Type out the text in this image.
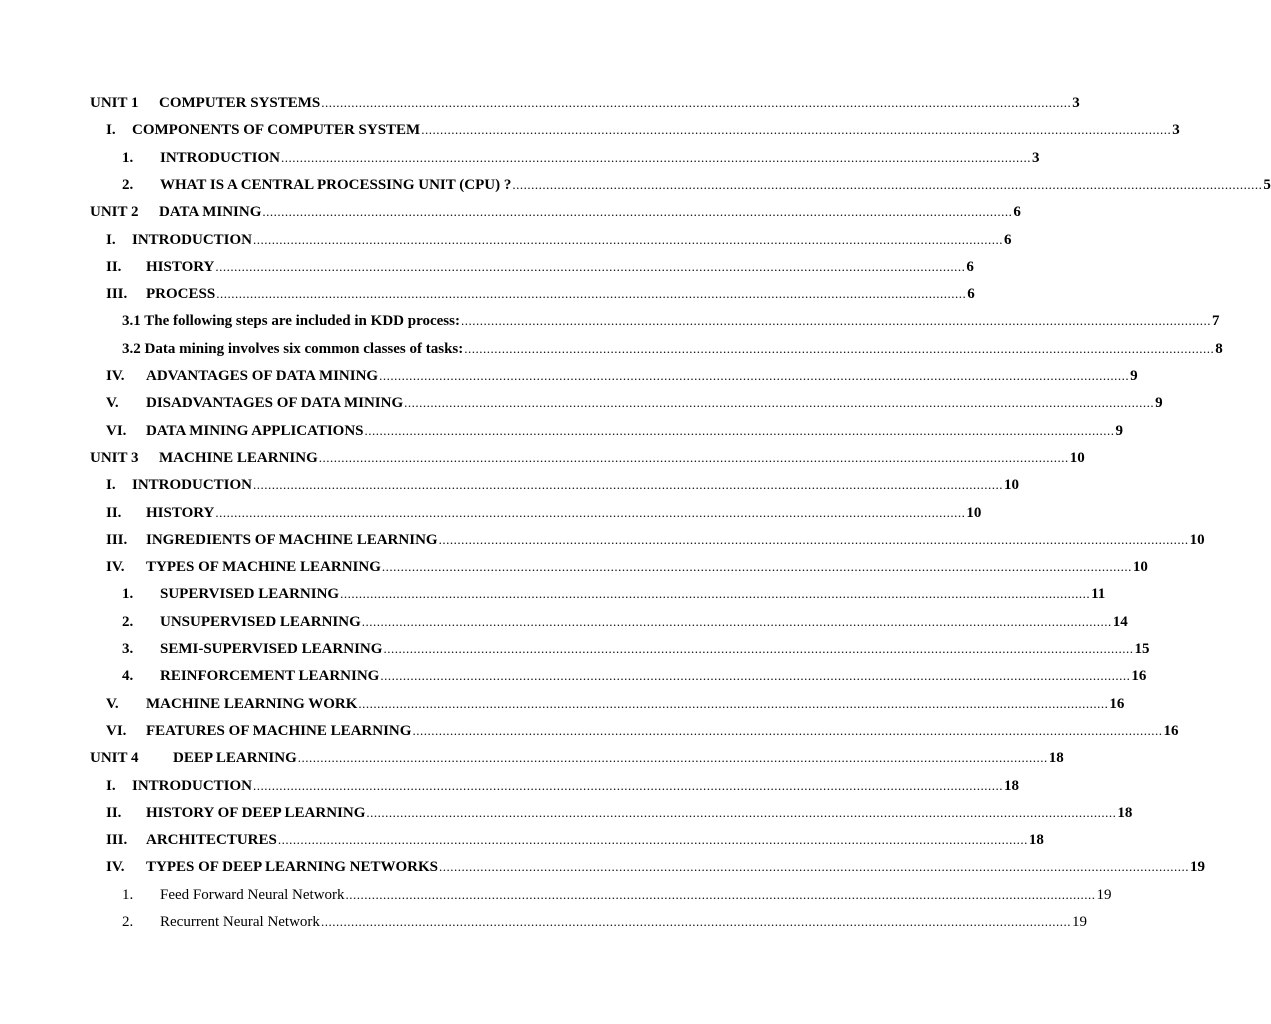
UNIT 1	COMPUTER SYSTEMS ........................................................................................................................................................................................................ 3
I.	COMPONENTS OF COMPUTER SYSTEM ........................................................................................................................................................................................................ 3
1.	INTRODUCTION ........................................................................................................................................................................................................ 3
2.	WHAT IS A CENTRAL PROCESSING UNIT (CPU) ? ........................................................................................................................................................................................................ 5
UNIT 2	DATA MINING ........................................................................................................................................................................................................ 6
I.	INTRODUCTION ........................................................................................................................................................................................................ 6
II.	HISTORY ........................................................................................................................................................................................................ 6
III.	PROCESS ........................................................................................................................................................................................................ 6
3.1 The following steps are included in KDD process: ........................................................................................................................................................................................................ 7
3.2 Data mining involves six common classes of tasks: ........................................................................................................................................................................................................ 8
IV.	ADVANTAGES OF DATA MINING ........................................................................................................................................................................................................ 9
V.	DISADVANTAGES OF DATA MINING ........................................................................................................................................................................................................ 9
VI.	DATA MINING APPLICATIONS ........................................................................................................................................................................................................ 9
UNIT 3	MACHINE LEARNING ........................................................................................................................................................................................................ 10
I.	INTRODUCTION ........................................................................................................................................................................................................ 10
II.	HISTORY ........................................................................................................................................................................................................ 10
III.	INGREDIENTS OF MACHINE LEARNING ........................................................................................................................................................................................................ 10
IV.	TYPES OF MACHINE LEARNING ........................................................................................................................................................................................................ 10
1.	SUPERVISED LEARNING ........................................................................................................................................................................................................ 11
2.	UNSUPERVISED LEARNING ........................................................................................................................................................................................................ 14
3.	SEMI-SUPERVISED LEARNING ........................................................................................................................................................................................................ 15
4.	REINFORCEMENT LEARNING ........................................................................................................................................................................................................ 16
V.	MACHINE LEARNING WORK ........................................................................................................................................................................................................ 16
VI.	FEATURES OF MACHINE LEARNING ........................................................................................................................................................................................................ 16
UNIT 4	DEEP LEARNING ........................................................................................................................................................................................................ 18
I.	INTRODUCTION ........................................................................................................................................................................................................ 18
II.	HISTORY OF DEEP LEARNING ........................................................................................................................................................................................................ 18
III.	ARCHITECTURES ........................................................................................................................................................................................................ 18
IV.	TYPES OF DEEP LEARNING NETWORKS ........................................................................................................................................................................................................ 19
1.	Feed Forward Neural Network ........................................................................................................................................................................................................ 19
2.	Recurrent Neural Network ........................................................................................................................................................................................................ 19
